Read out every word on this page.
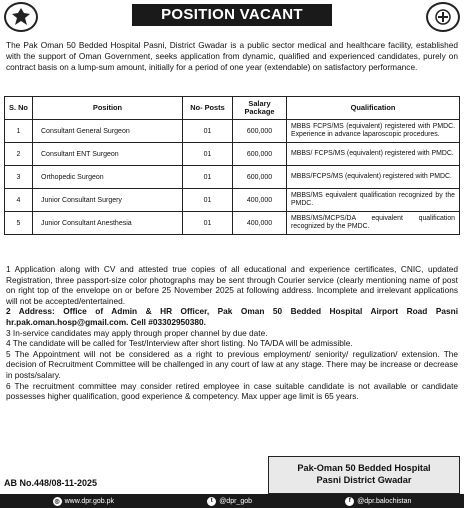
POSITION VACANT
The Pak Oman 50 Bedded Hospital Pasni, District Gwadar is a public sector medical and healthcare facility, established with the support of Oman Government, seeks application from dynamic, qualified and experienced candidates, purely on contract basis on a lump-sum amount, initially for a period of one year (extendable) on satisfactory performance.
S. No	Position	No- Posts	Salary Package	Qualification
1	Consultant General Surgeon	01	600,000	MBBS FCPS/MS (equivalent) registered with PMDC. Experience in advance laparoscopic procedures.
2	Consultant ENT Surgeon	01	600,000	MBBS/ FCPS/MS (equivalent) registered with PMDC.
3	Orthopedic Surgeon	01	600,000	MBBS/FCPS/MS (equivalent) registered with PMDC.
4	Junior Consultant Surgery	01	400,000	MBBS/MS equivalent qualification recognized by the PMDC.
5	Junior Consultant Anesthesia	01	400,000	MBBS/MS/MCPS/DA equivalent qualification recognized by the PMDC.

1 Application along with CV and attested true copies of all educational and experience certificates, CNIC, updated Registration, three passport-size color photographs may be sent through Courier service (clearly mentioning name of post on right top of the envelope on or before 25 November 2025 at following address. Incomplete and irrelevant applications will not be accepted/entertained.

2 Address: Office of Admin & HR Officer, Pak Oman 50 Bedded Hospital Airport Road Pasni hr.pak.oman.hosp@gmail.com. Cell #03302950380.

3 In-service candidates may apply through proper channel by due date.

4 The candidate will be called for Test/Interview after short listing. No TA/DA will be admissible.

5 The Appointment will not be considered as a right to previous employment/ seniority/ regulization/ extension. The decision of Recruitment Committee will be challenged in any court of law at any stage. There may be increase or decrease in posts/salary.

6 The recruitment committee may consider retired employee in case suitable candidate is not available or candidate possesses higher qualification, good experience & competency. Max upper age limit is 65 years.

AB No.448/08-11-2025
Pak-Oman 50 Bedded Hospital
Pasni District Gwadar
◎ www.dpr.gob.pk	t @dpr_gob	f @dpr.balochistan
